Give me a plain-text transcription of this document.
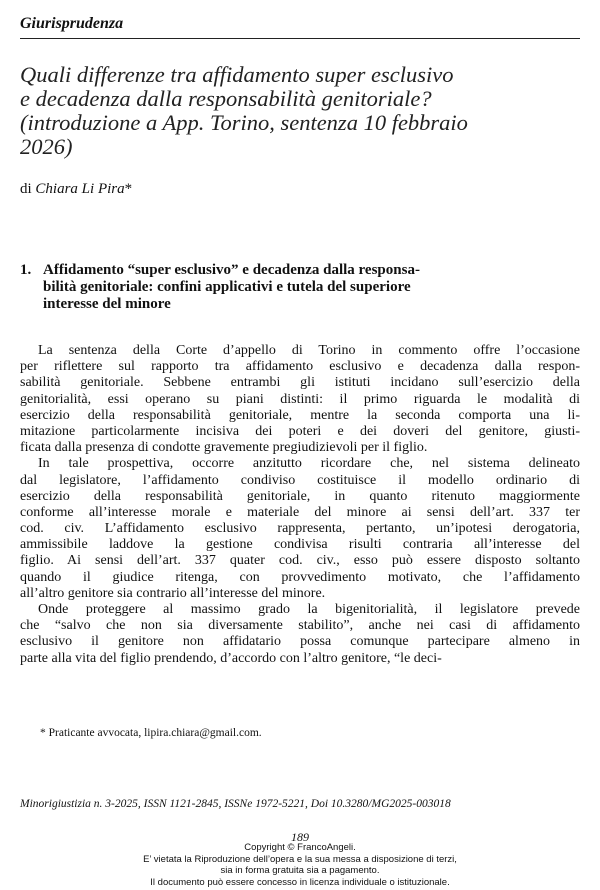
Giurisprudenza
Quali differenze tra affidamento super esclusivo
e decadenza dalla responsabilità genitoriale?
(introduzione a App. Torino, sentenza 10 febbraio
2026)
di Chiara Li Pira*
1. Affidamento “super esclusivo” e decadenza dalla responsa-
bilità genitoriale: confini applicativi e tutela del superiore
interesse del minore
La sentenza della Corte d’appello di Torino in commento offre l’occasione
per riflettere sul rapporto tra affidamento esclusivo e decadenza dalla respon-
sabilità genitoriale. Sebbene entrambi gli istituti incidano sull’esercizio della
genitorialità, essi operano su piani distinti: il primo riguarda le modalità di
esercizio della responsabilità genitoriale, mentre la seconda comporta una li-
mitazione particolarmente incisiva dei poteri e dei doveri del genitore, giusti-
ficata dalla presenza di condotte gravemente pregiudizievoli per il figlio.
In tale prospettiva, occorre anzitutto ricordare che, nel sistema delineato
dal legislatore, l’affidamento condiviso costituisce il modello ordinario di
esercizio della responsabilità genitoriale, in quanto ritenuto maggiormente
conforme all’interesse morale e materiale del minore ai sensi dell’art. 337 ter
cod. civ. L’affidamento esclusivo rappresenta, pertanto, un’ipotesi derogatoria,
ammissibile laddove la gestione condivisa risulti contraria all’interesse del
figlio. Ai sensi dell’art. 337 quater cod. civ., esso può essere disposto soltanto
quando il giudice ritenga, con provvedimento motivato, che l’affidamento
all’altro genitore sia contrario all’interesse del minore.
Onde proteggere al massimo grado la bigenitorialità, il legislatore prevede
che “salvo che non sia diversamente stabilito”, anche nei casi di affidamento
esclusivo il genitore non affidatario possa comunque partecipare almeno in
parte alla vita del figlio prendendo, d’accordo con l’altro genitore, “le deci-
* Praticante avvocata, lipira.chiara@gmail.com.
Minorigiustizia n. 3-2025, ISSN 1121-2845, ISSNe 1972-5221, Doi 10.3280/MG2025-003018
189
Copyright © FrancoAngeli.
E’ vietata la Riproduzione dell’opera e la sua messa a disposizione di terzi,
sia in forma gratuita sia a pagamento.
Il documento può essere concesso in licenza individuale o istituzionale.
